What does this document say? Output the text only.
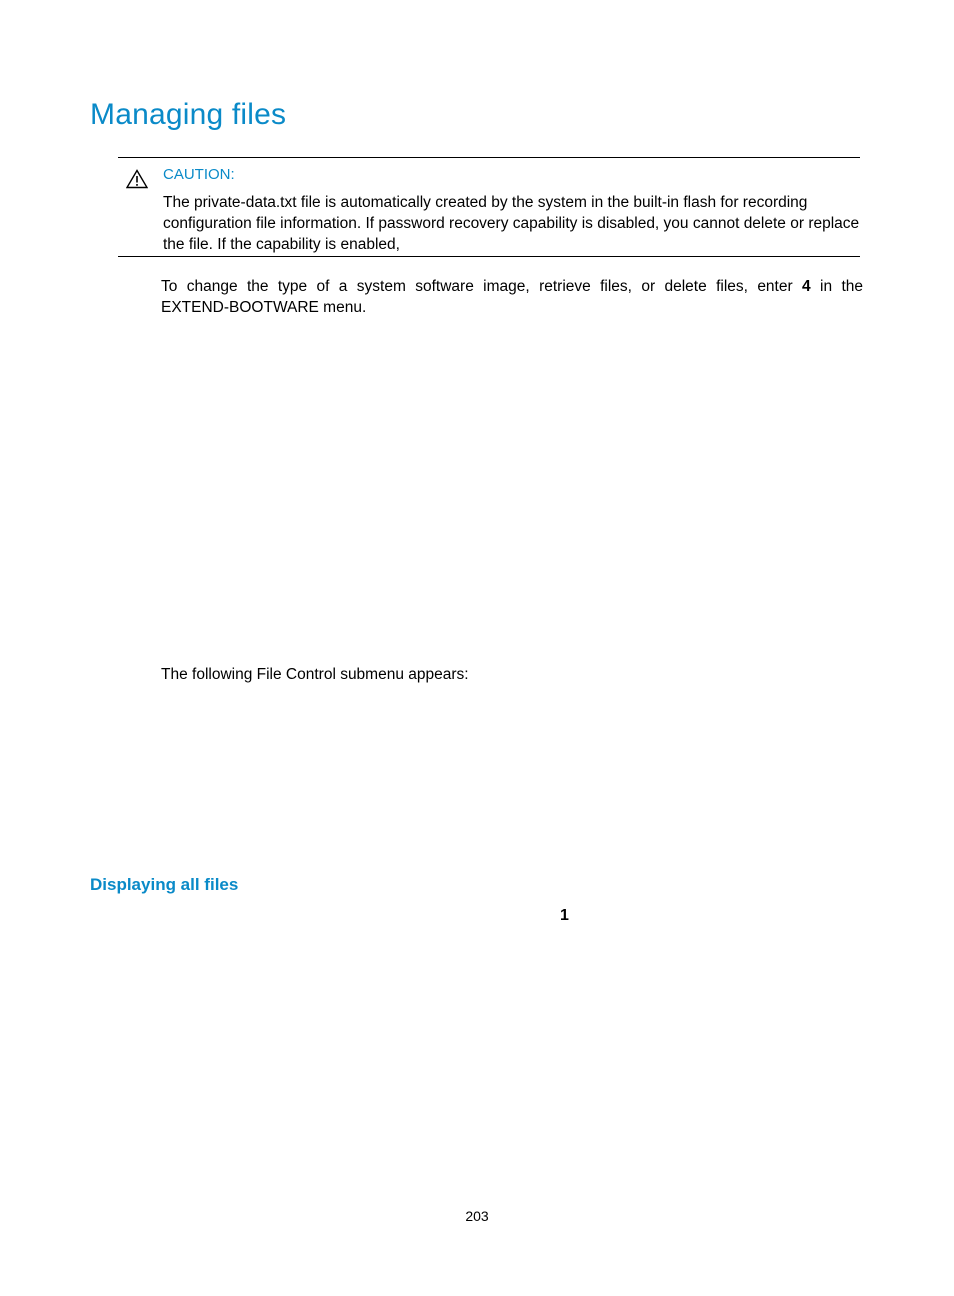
Managing files
CAUTION:
The private-data.txt file is automatically created by the system in the built-in flash for recording
configuration file information. If password recovery capability is disabled, you cannot delete or replace
the file. If the capability is enabled,
To change the type of a system software image, retrieve files, or delete files, enter 4 in the
EXTEND-BOOTWARE menu.

The following File Control submenu appears:

Displaying all files
1
203
